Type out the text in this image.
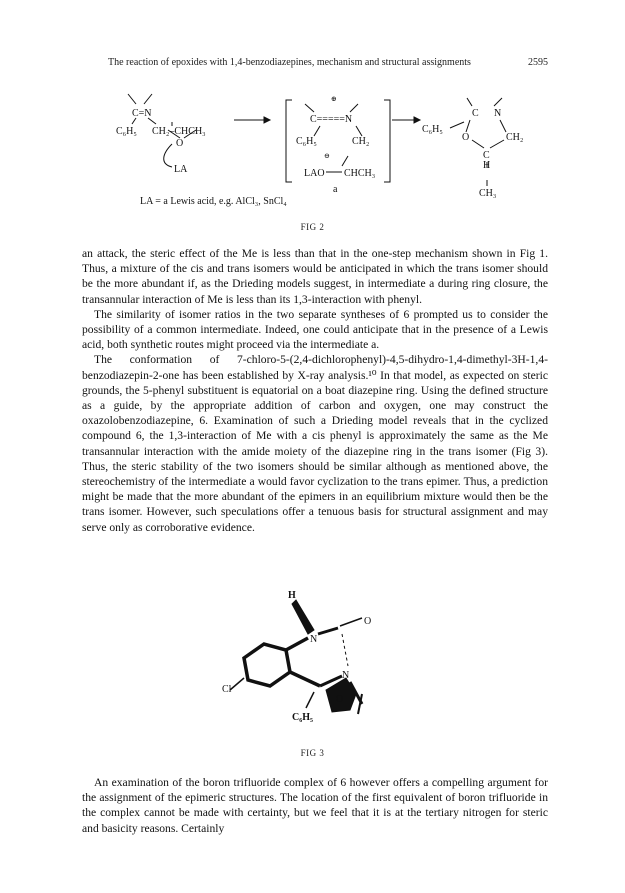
The reaction of epoxides with 1,4-benzodiazepines, mechanism and structural assignments	2595
C=N
C₆H₅ CH₂–CHCH₃
O
LA
⊕
C=====N
C₆H₅	CH₂
⊖
LAO CHCH₃
a
C N
C₆H₅
O	CH₂
C
H
CH₃
LA = a Lewis acid, e.g. AlCl₃, SnCl₄
FIG 2

an attack, the steric effect of the Me is less than that in the one-step mechanism shown in Fig 1. Thus, a mixture of the cis and trans isomers would be anticipated in which the trans isomer should be the more abundant if, as the Drieding models suggest, in intermediate a during ring closure, the transannular interaction of Me is less than its 1,3-interaction with phenyl.

The similarity of isomer ratios in the two separate syntheses of 6 prompted us to consider the possibility of a common intermediate. Indeed, one could anticipate that in the presence of a Lewis acid, both synthetic routes might proceed via the intermediate a.

The conformation of 7-chloro-5-(2,4-dichlorophenyl)-4,5-dihydro-1,4-dimethyl-3H-1,4-benzodiazepin-2-one has been established by X-ray analysis.¹⁰ In that model, as expected on steric grounds, the 5-phenyl substituent is equatorial on a boat diazepine ring. Using the defined structure as a guide, by the appropriate addition of carbon and oxygen, one may construct the oxazolobenzodiazepine, 6. Examination of such a Drieding model reveals that in the cyclized compound 6, the 1,3-interaction of Me with a cis phenyl is approximately the same as the Me transannular interaction with the amide moiety of the diazepine ring in the trans isomer (Fig 3). Thus, the steric stability of the two isomers should be similar although as mentioned above, the stereochemistry of the intermediate a would favor cyclization to the trans epimer. Thus, a prediction might be made that the more abundant of the epimers in an equilibrium mixture would then be the trans isomer. However, such speculations offer a tenuous basis for structural assignment and may serve only as corroborative evidence.

H
N
O
Cl
N
O
C₆H₅
FIG 3

An examination of the boron trifluoride complex of 6 however offers a compelling argument for the assignment of the epimeric structures. The location of the first equivalent of boron trifluoride in the complex cannot be made with certainty, but we feel that it is at the tertiary nitrogen for steric and basicity reasons. Certainly
